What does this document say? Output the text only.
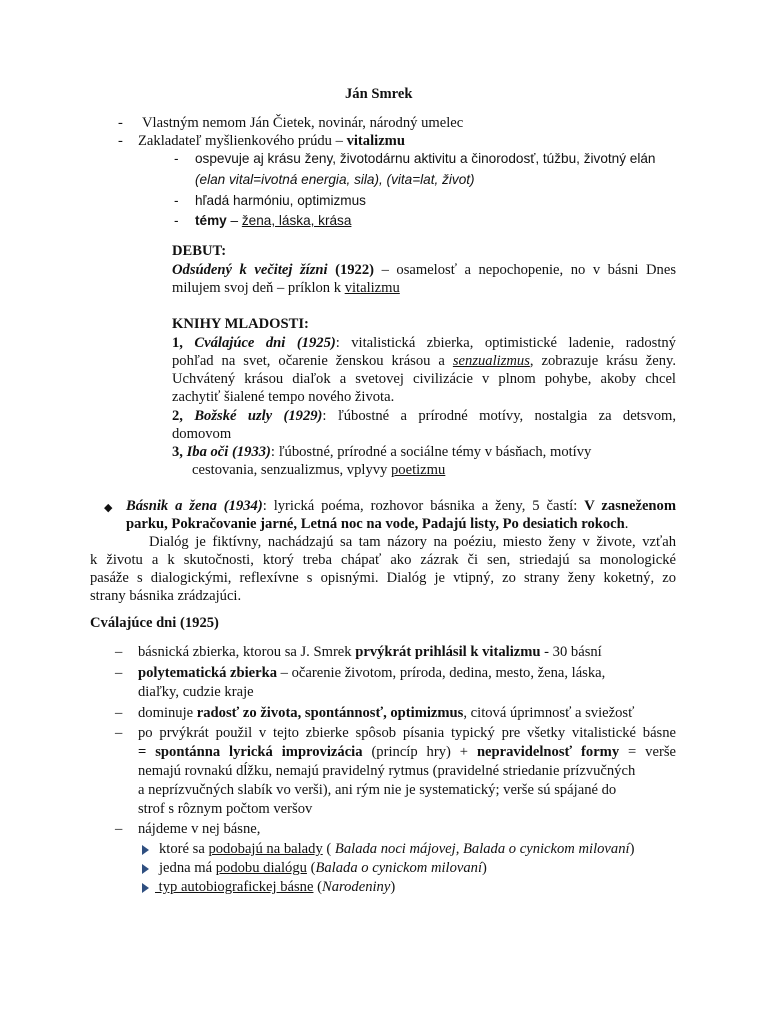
Ján Smrek
- Vlastným nemom Ján Čietek, novinár, národný umelec
- Zakladateľ myšlienkového prúdu – vitalizmu
- ospevuje aj krásu ženy, životodárnu aktivitu a činorodosť, túžbu, životný elán
(elan vital=ivotná energia, sila), (vita=lat, život)
- hľadá harmóniu, optimizmus
- témy – žena, láska, krása
DEBUT:
Odsúdený k večitej žízni (1922) – osamelosť a nepochopenie, no v básni Dnes
milujem svoj deň – príklon k vitalizmu
KNIHY MLADOSTI:
1, Cválajúce dni (1925): vitalistická zbierka, optimistické ladenie, radostný
pohľad na svet, očarenie ženskou krásou a senzualizmus, zobrazuje krásu ženy.
Uchvátený krásou diaľok a svetovej civilizácie v plnom pohybe, akoby chcel
zachytiť šialené tempo nového života.
2, Božské uzly (1929): ľúbostné a prírodné motívy, nostalgia za detsvom,
domovom
3, Iba oči (1933): ľúbostné, prírodné a sociálne témy v básňach, motívy
cestovania, senzualizmus, vplyvy poetizmu
◆ Básnik a žena (1934): lyrická poéma, rozhovor básnika a ženy, 5 častí: V zasneženom
parku, Pokračovanie jarné, Letná noc na vode, Padajú listy, Po desiatich rokoch.
Dialóg je fiktívny, nachádzajú sa tam názory na poéziu, miesto ženy v živote, vzťah
k životu a k skutočnosti, ktorý treba chápať ako zázrak či sen, striedajú sa monologické
pasáže s dialogickými, reflexívne s opisnými. Dialóg je vtipný, zo strany ženy koketný, zo
strany básnika zrádzajúci.
Cválajúce dni (1925)
– básnická zbierka, ktorou sa J. Smrek prvýkrát prihlásil k vitalizmu - 30 básní
– polytematická zbierka – očarenie životom, príroda, dedina, mesto, žena, láska,
diaľky, cudzie kraje
– dominuje radosť zo života, spontánnosť, optimizmus, citová úprimnosť a sviežosť
– po prvýkrát použil v tejto zbierke spôsob písania typický pre všetky vitalistické básne
= spontánna lyrická improvizácia (princíp hry) + nepravidelnosť formy = verše
nemajú rovnakú dĺžku, nemajú pravidelný rytmus (pravidelné striedanie prízvučných
a neprízvučných slabík vo verši), ani rým nie je systematický; verše sú spájané do
strof s rôznym počtom veršov
– nájdeme v nej básne,
ktoré sa podobajú na balady ( Balada noci májovej, Balada o cynickom milovaní)
jedna má podobu dialógu (Balada o cynickom milovaní)
typ autobiografickej básne (Narodeniny)
